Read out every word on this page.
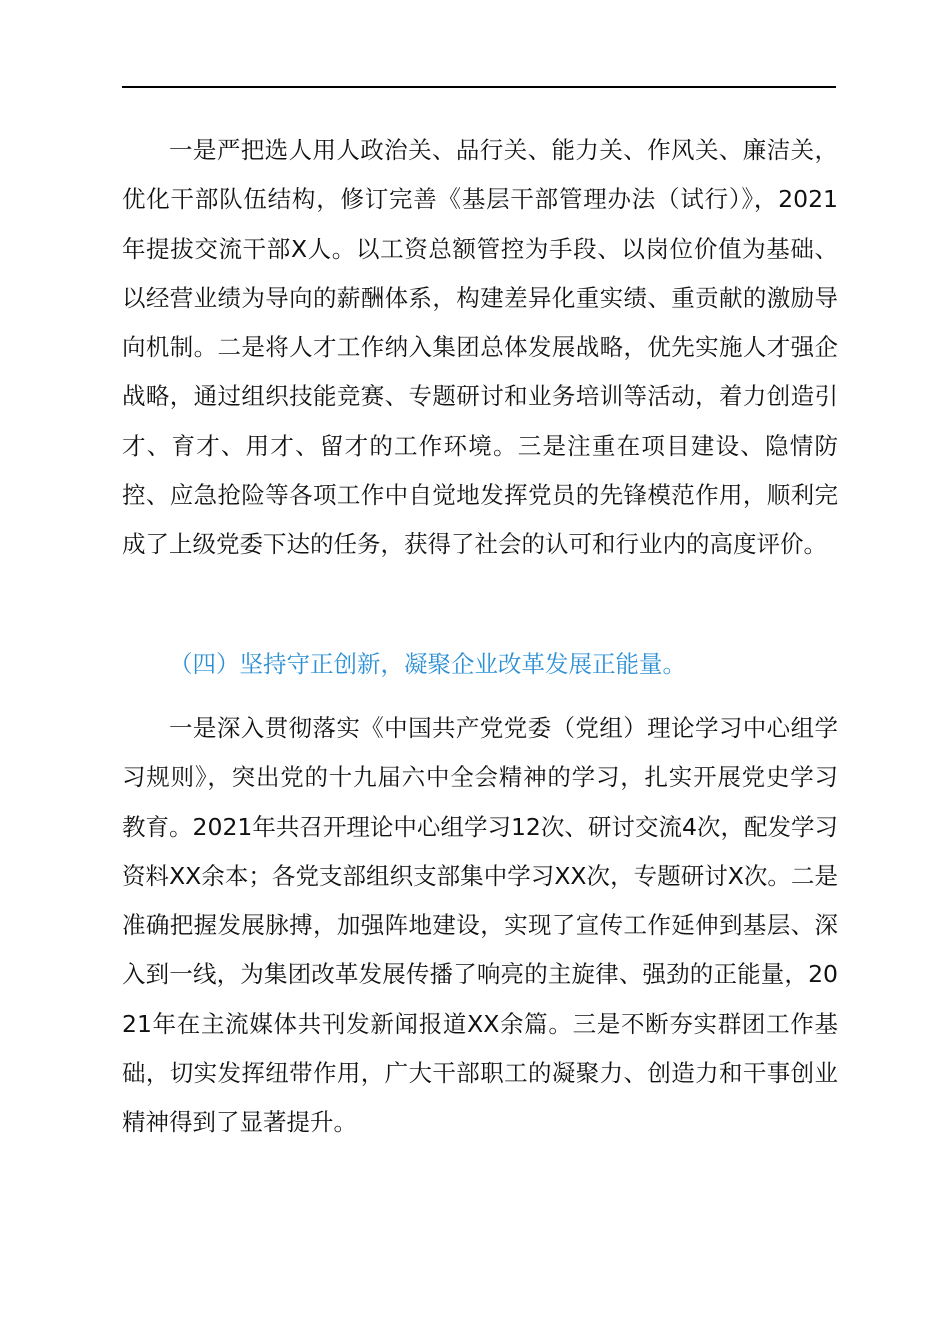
一是严把选人用人政治关、品行关、能力关、作风关、廉洁关，优化干部队伍结构，修订完善《基层干部管理办法（试行）》，2021年提拔交流干部X人。以工资总额管控为手段、以岗位价值为基础、以经营业绩为导向的薪酬体系，构建差异化重实绩、重贡献的激励导向机制。二是将人才工作纳入集团总体发展战略，优先实施人才强企战略，通过组织技能竞赛、专题研讨和业务培训等活动，着力创造引才、育才、用才、留才的工作环境。三是注重在项目建设、隐情防控、应急抢险等各项工作中自觉地发挥党员的先锋模范作用，顺利完成了上级党委下达的任务，获得了社会的认可和行业内的高度评价。

（四）坚持守正创新，凝聚企业改革发展正能量。

一是深入贯彻落实《中国共产党党委（党组）理论学习中心组学习规则》，突出党的十九届六中全会精神的学习，扎实开展党史学习教育。2021年共召开理论中心组学习12次、研讨交流4次，配发学习资料XX余本；各党支部组织支部集中学习XX次，专题研讨X次。二是准确把握发展脉搏，加强阵地建设，实现了宣传工作延伸到基层、深入到一线，为集团改革发展传播了响亮的主旋律、强劲的正能量，2021年在主流媒体共刊发新闻报道XX余篇。三是不断夯实群团工作基础，切实发挥纽带作用，广大干部职工的凝聚力、创造力和干事创业精神得到了显著提升。
